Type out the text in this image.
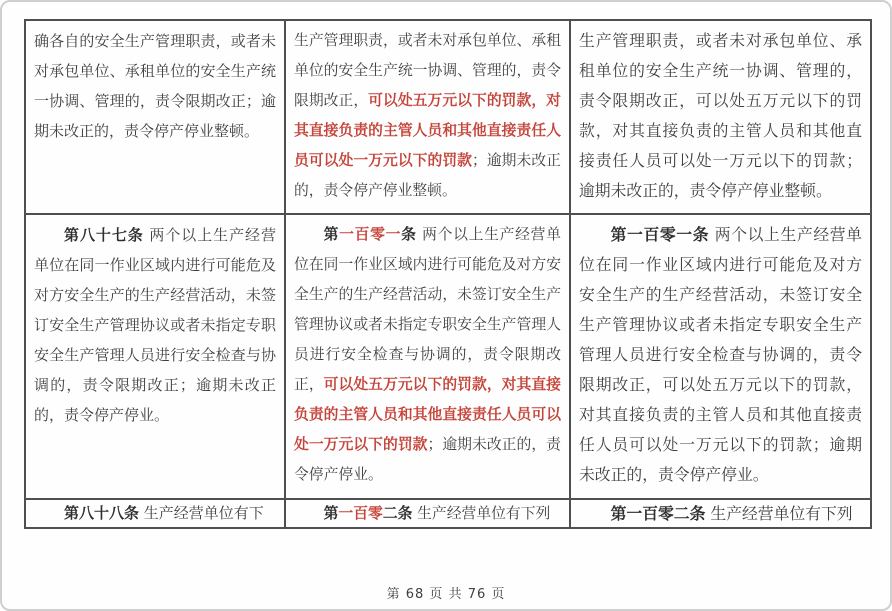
确各自的安全生产管理职责，或者未对承包单位、承租单位的安全生产统一协调、管理的，责令限期改正；逾期未改正的，责令停产停业整顿。	生产管理职责，或者未对承包单位、承租单位的安全生产统一协调、管理的，责令限期改正，可以处五万元以下的罚款，对其直接负责的主管人员和其他直接责任人员可以处一万元以下的罚款；逾期未改正的，责令停产停业整顿。	生产管理职责，或者未对承包单位、承租单位的安全生产统一协调、管理的，责令限期改正，可以处五万元以下的罚款，对其直接负责的主管人员和其他直接责任人员可以处一万元以下的罚款；逾期未改正的，责令停产停业整顿。
第八十七条 两个以上生产经营单位在同一作业区域内进行可能危及对方安全生产的生产经营活动，未签订安全生产管理协议或者未指定专职安全生产管理人员进行安全检查与协调的，责令限期改正；逾期未改正的，责令停产停业。	第一百零一条 两个以上生产经营单位在同一作业区域内进行可能危及对方安全生产的生产经营活动，未签订安全生产管理协议或者未指定专职安全生产管理人员进行安全检查与协调的，责令限期改正，可以处五万元以下的罚款，对其直接负责的主管人员和其他直接责任人员可以处一万元以下的罚款；逾期未改正的，责令停产停业。	第一百零一条 两个以上生产经营单位在同一作业区域内进行可能危及对方安全生产的生产经营活动，未签订安全生产管理协议或者未指定专职安全生产管理人员进行安全检查与协调的，责令限期改正，可以处五万元以下的罚款，对其直接负责的主管人员和其他直接责任人员可以处一万元以下的罚款；逾期未改正的，责令停产停业。
第八十八条 生产经营单位有下	第一百零二条 生产经营单位有下列	第一百零二条 生产经营单位有下列
第 68 页 共 76 页
